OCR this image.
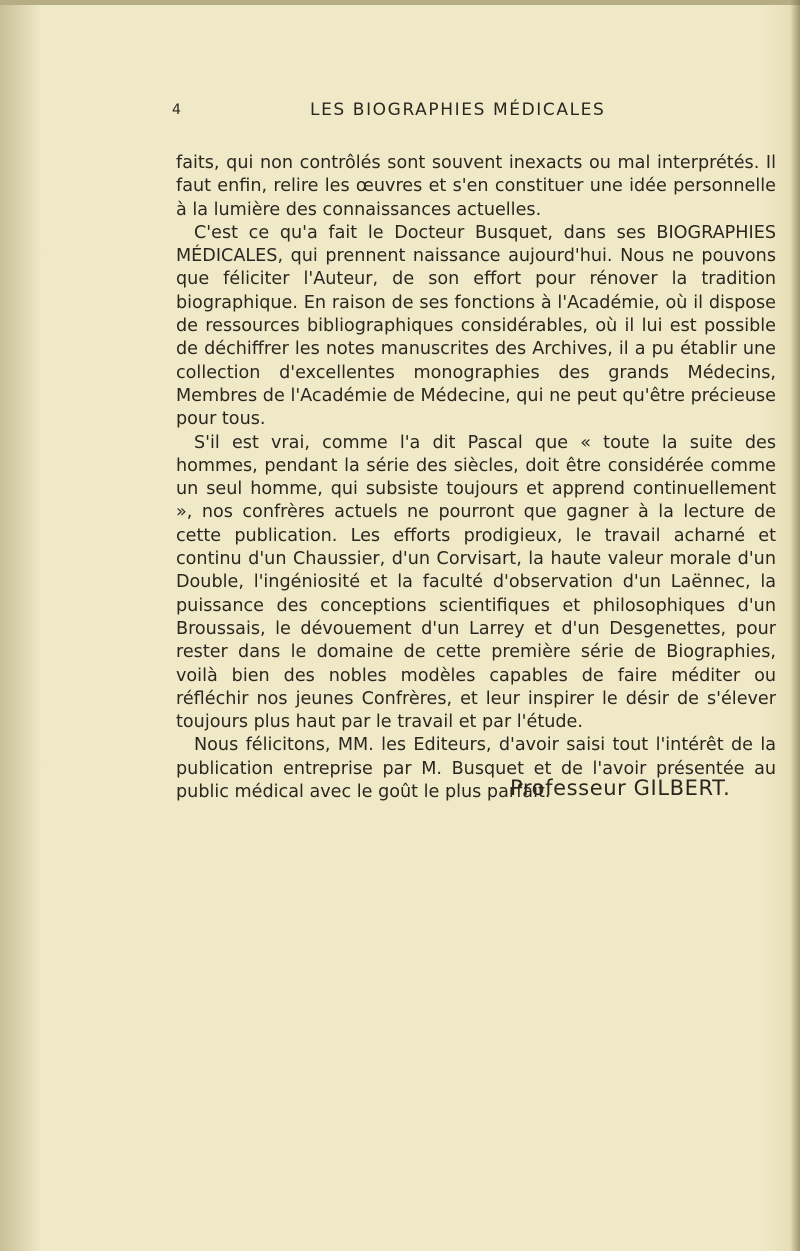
4	LES BIOGRAPHIES MÉDICALES

faits, qui non contrôlés sont souvent inexacts ou mal interprétés. Il faut enfin, relire les œuvres et s'en constituer une idée personnelle à la lumière des connaissances actuelles.

C'est ce qu'a fait le Docteur Busquet, dans ses BIOGRAPHIES MÉDICALES, qui prennent naissance aujourd'hui. Nous ne pouvons que féliciter l'Auteur, de son effort pour rénover la tradition biographique. En raison de ses fonctions à l'Académie, où il dispose de ressources bibliographiques considérables, où il lui est possible de déchiffrer les notes manuscrites des Archives, il a pu établir une collection d'excellentes monographies des grands Médecins, Membres de l'Académie de Médecine, qui ne peut qu'être précieuse pour tous.

S'il est vrai, comme l'a dit Pascal que « toute la suite des hommes, pendant la série des siècles, doit être considérée comme un seul homme, qui subsiste toujours et apprend continuellement », nos confrères actuels ne pourront que gagner à la lecture de cette publication. Les efforts prodigieux, le travail acharné et continu d'un Chaussier, d'un Corvisart, la haute valeur morale d'un Double, l'ingéniosité et la faculté d'observation d'un Laënnec, la puissance des conceptions scientifiques et philosophiques d'un Broussais, le dévouement d'un Larrey et d'un Desgenettes, pour rester dans le domaine de cette première série de Biographies, voilà bien des nobles modèles capables de faire méditer ou réfléchir nos jeunes Confrères, et leur inspirer le désir de s'élever toujours plus haut par le travail et par l'étude.

Nous félicitons, MM. les Editeurs, d'avoir saisi tout l'intérêt de la publication entreprise par M. Busquet et de l'avoir présentée au public médical avec le goût le plus parfait.

Professeur GILBERT.
